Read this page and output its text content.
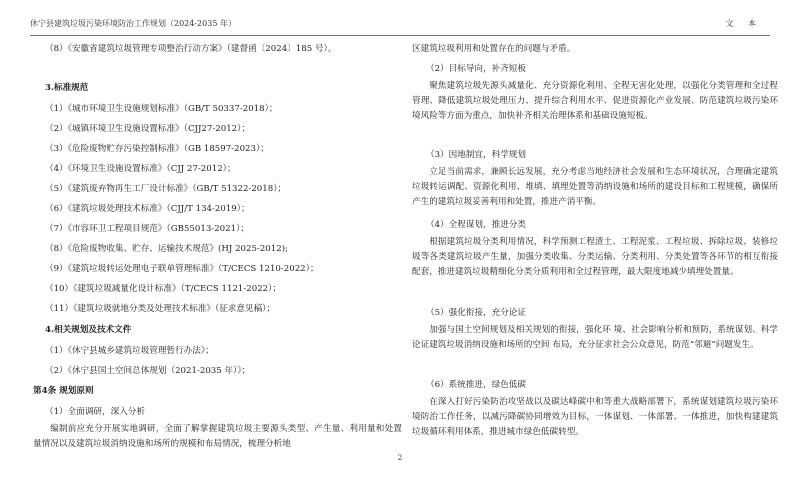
休宁县建筑垃圾污染环境防治工作规划（2024-2035 年）	文 本
（8）《安徽省建筑垃圾管理专项整治行动方案》（建督函〔2024〕185 号）。
3.标准规范
（1）《城市环境卫生设施规划标准》（GB/T 50337-2018）；
（2）《城镇环境卫生设施设置标准》（CJJ27-2012）；
（3）《危险废物贮存污染控制标准》（GB 18597-2023）；
（4）《环境卫生设施设置标准》（CJJ 27-2012）；
（5）《建筑废弃物再生工厂设计标准》（GB/T 51322-2018）；
（6）《建筑垃圾处理技术标准》（CJJ/T 134-2019）；
（7）《市容环卫工程项目规范》（GB55013-2021）；
（8）《危险废物收集、贮存、运输技术规范》(HJ 2025-2012);
（9）《建筑垃圾转运处理电子联单管理标准》（T/CECS 1210-2022）；
（10）《建筑垃圾减量化设计标准》（T/CECS 1121-2022）；
（11）《建筑垃圾就地分类及处理技术标准》（征求意见稿）；
4.相关规划及技术文件
（1）《休宁县城乡建筑垃圾管理暂行办法》；
（2）《休宁县国土空间总体规划（2021-2035 年）》；
第4条 规划原则
（1）全面调研，深入分析
编制前应充分开展实地调研，全面了解掌握建筑垃圾主要源头类型、产生量、利用量和处置量情况以及建筑垃圾消纳设施和场所的规模和布局情况，梳理分析地
区建筑垃圾利用和处置存在的问题与矛盾。
（2）目标导向，补齐短板
聚焦建筑垃圾先源头减量化、充分资源化利用、全程无害化处理，以强化分类管理和全过程管理、降低建筑垃圾处理压力、提升综合利用水平、促进资源化产业发展、防范建筑垃圾污染环境风险等方面为重点，加快补齐相关治理体系和基础设施短板。
（3）因地制宜，科学规划
立足当前需求，兼顾长远发展，充分考虑当地经济社会发展和生态环境状况，合理确定建筑垃圾转运调配、资源化利用、堆填、填埋处置等消纳设施和场所的建设目标和工程规模，确保所产生的建筑垃圾妥善利用和处置，推进产消平衡。
（4）全程谋划，推进分类
根据建筑垃圾分类利用情况，科学预测工程渣土、工程泥浆、工程垃圾、拆除垃圾、装修垃圾等各类建筑垃圾产生量，加强分类收集、分类运输、分类利用、分类处置等各环节的相互衔接配套，推进建筑垃圾精细化分类分质利用和全过程管理，最大限度地减少填埋处置量。
（5）强化衔接，充分论证
加强与国土空间规划及相关规划的衔接，强化环 境、社会影响分析和预防，系统谋划、科学论证建筑垃圾消纳设施和场所的空间 布局，充分征求社会公众意见，防范“邻避”问题发生。
（6）系统推进，绿色低碳
在深入打好污染防治攻坚战以及碳达峰碳中和等重大战略部署下，系统谋划建筑垃圾污染环境防治工作任务，以减污降碳协同增效为目标，一体谋划、一体部署、一体推进，加快构建建筑垃圾循环利用体系，推进城市绿色低碳转型。
2
